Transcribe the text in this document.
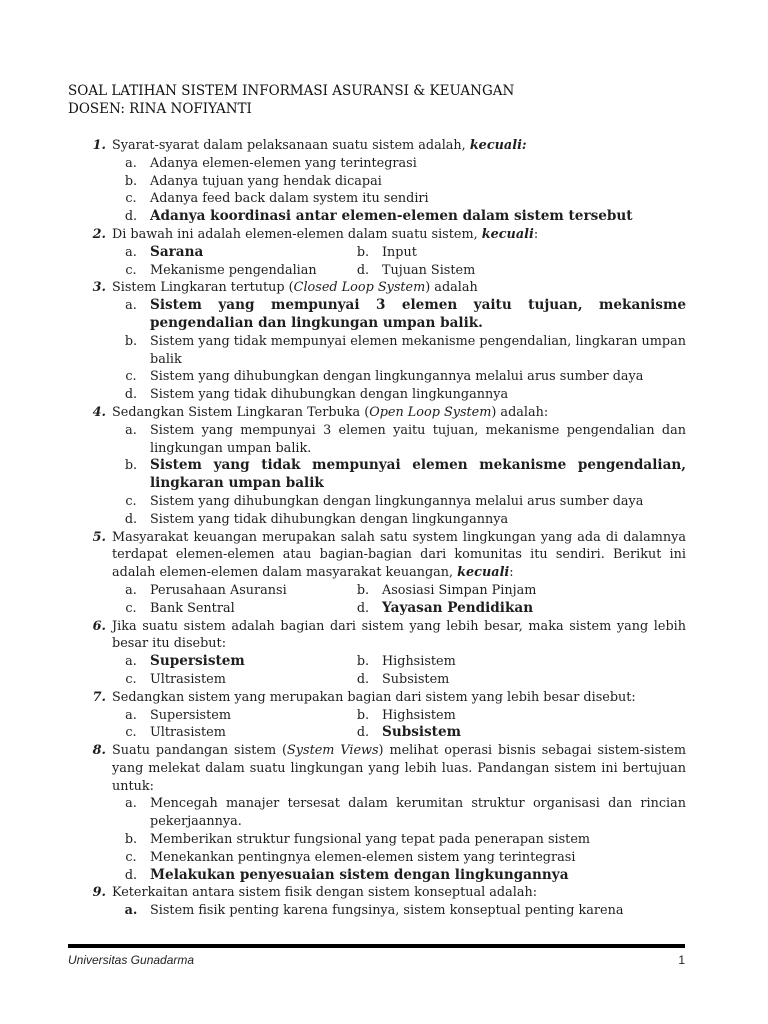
SOAL LATIHAN SISTEM INFORMASI ASURANSI & KEUANGAN
DOSEN: RINA NOFIYANTI
1. Syarat-syarat dalam pelaksanaan suatu sistem adalah, kecuali:
a.	Adanya elemen-elemen yang terintegrasi
b.	Adanya tujuan yang hendak dicapai
c.	Adanya feed back dalam system itu sendiri
d. Adanya koordinasi antar elemen-elemen dalam sistem tersebut
2. Di bawah ini adalah elemen-elemen dalam suatu sistem, kecuali:
a. Sarana	b.	Input
c.	Mekanisme pengendalian	d.	Tujuan Sistem
3. Sistem Lingkaran tertutup (Closed Loop System) adalah
a. Sistem yang mempunyai 3 elemen yaitu tujuan, mekanisme pengendalian dan lingkungan umpan balik.
b.	Sistem yang tidak mempunyai elemen mekanisme pengendalian, lingkaran umpan balik
c.	Sistem yang dihubungkan dengan lingkungannya melalui arus sumber daya
d.	Sistem yang tidak dihubungkan dengan lingkungannya
4. Sedangkan Sistem Lingkaran Terbuka (Open Loop System) adalah:
a.	Sistem yang mempunyai 3 elemen yaitu tujuan, mekanisme pengendalian dan lingkungan umpan balik.
b. Sistem yang tidak mempunyai elemen mekanisme pengendalian, lingkaran umpan balik
c.	Sistem yang dihubungkan dengan lingkungannya melalui arus sumber daya
d.	Sistem yang tidak dihubungkan dengan lingkungannya
5. Masyarakat keuangan merupakan salah satu system lingkungan yang ada di dalamnya terdapat elemen-elemen atau bagian-bagian dari komunitas itu sendiri. Berikut ini adalah elemen-elemen dalam masyarakat keuangan, kecuali:
a.	Perusahaan Asuransi	b.	Asosiasi Simpan Pinjam
c.	Bank Sentral	d. Yayasan Pendidikan
6. Jika suatu sistem adalah bagian dari sistem yang lebih besar, maka sistem yang lebih besar itu disebut:
a. Supersistem	b.	Highsistem
c.	Ultrasistem	d.	Subsistem
7. Sedangkan sistem yang merupakan bagian dari sistem yang lebih besar disebut:
a.	Supersistem	b.	Highsistem
c.	Ultrasistem	d. Subsistem
8. Suatu pandangan sistem (System Views) melihat operasi bisnis sebagai sistem-sistem yang melekat dalam suatu lingkungan yang lebih luas. Pandangan sistem ini bertujuan untuk:
a.	Mencegah manajer tersesat dalam kerumitan struktur organisasi dan rincian pekerjaannya.
b.	Memberikan struktur fungsional yang tepat pada penerapan sistem
c.	Menekankan pentingnya elemen-elemen sistem yang terintegrasi
d. Melakukan penyesuaian sistem dengan lingkungannya
9. Keterkaitan antara sistem fisik dengan sistem konseptual adalah:
a. Sistem fisik penting karena fungsinya, sistem konseptual penting karena
Universitas Gunadarma	1
